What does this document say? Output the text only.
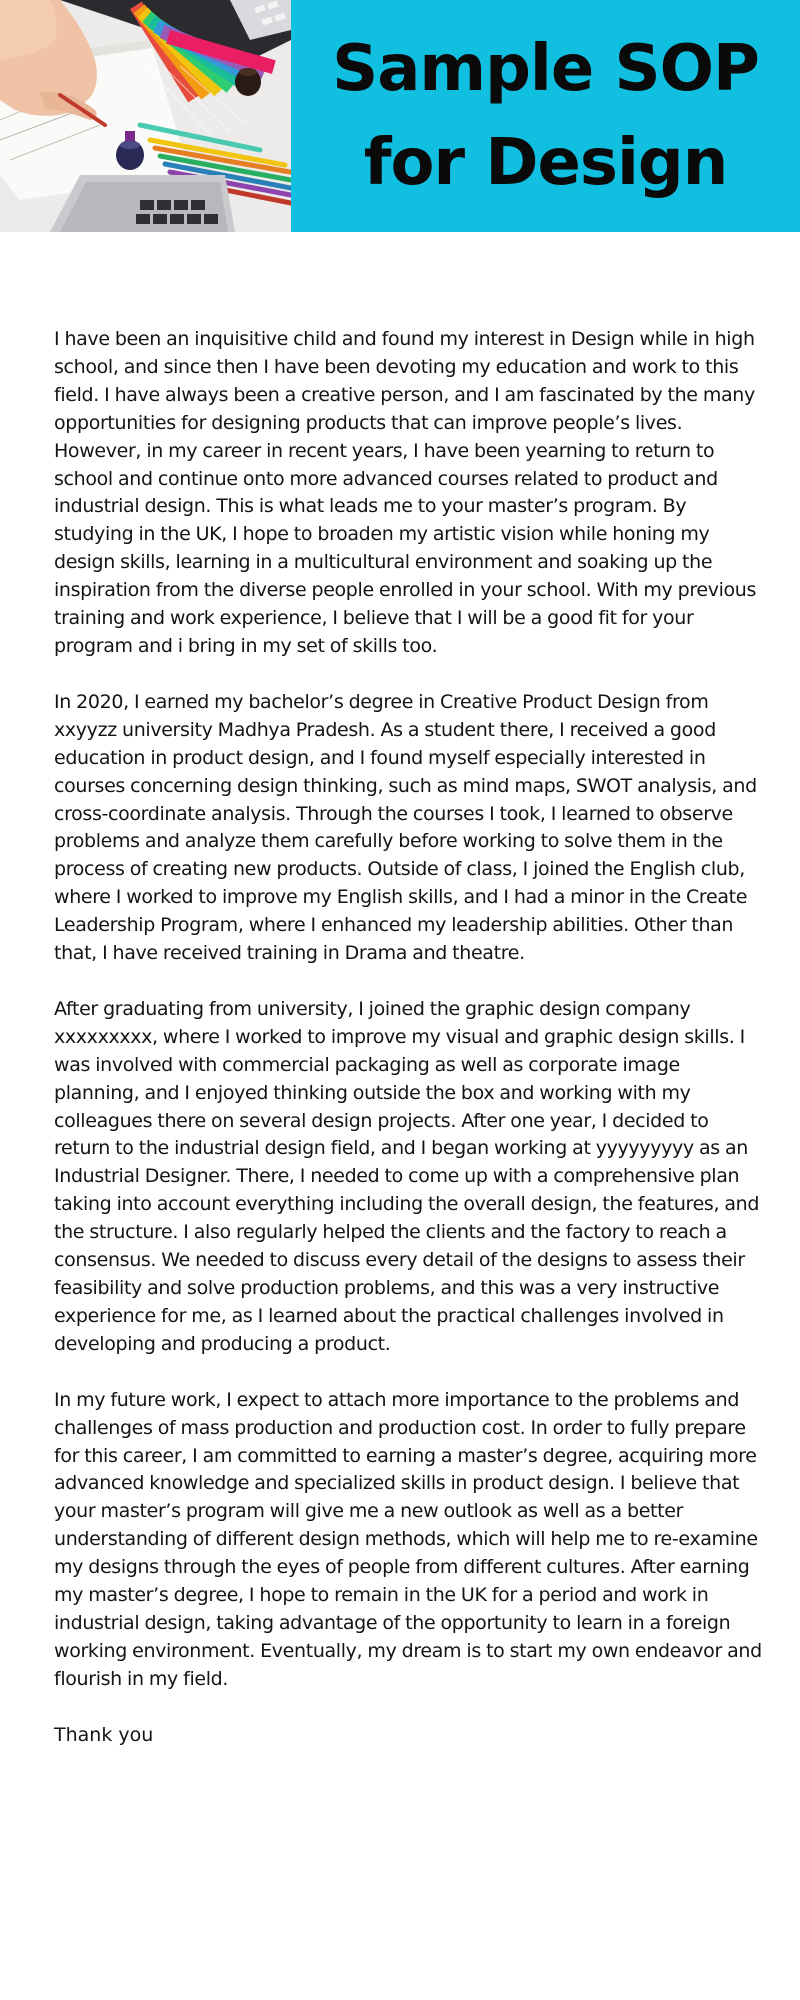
Sample SOP
for Design

I have been an inquisitive child and found my interest in Design while in high school, and since then I have been devoting my education and work to this field. I have always been a creative person, and I am fascinated by the many opportunities for designing products that can improve people’s lives. However, in my career in recent years, I have been yearning to return to school and continue onto more advanced courses related to product and industrial design. This is what leads me to your master’s program. By studying in the UK, I hope to broaden my artistic vision while honing my design skills, learning in a multicultural environment and soaking up the inspiration from the diverse people enrolled in your school. With my previous training and work experience, I believe that I will be a good fit for your program and i bring in my set of skills too.

In 2020, I earned my bachelor’s degree in Creative Product Design from xxyyzz university Madhya Pradesh. As a student there, I received a good education in product design, and I found myself especially interested in courses concerning design thinking, such as mind maps, SWOT analysis, and cross-coordinate analysis. Through the courses I took, I learned to observe problems and analyze them carefully before working to solve them in the process of creating new products. Outside of class, I joined the English club, where I worked to improve my English skills, and I had a minor in the Create Leadership Program, where I enhanced my leadership abilities. Other than that, I have received training in Drama and theatre.

After graduating from university, I joined the graphic design company xxxxxxxxx, where I worked to improve my visual and graphic design skills. I was involved with commercial packaging as well as corporate image planning, and I enjoyed thinking outside the box and working with my colleagues there on several design projects. After one year, I decided to return to the industrial design field, and I began working at yyyyyyyyy as an Industrial Designer. There, I needed to come up with a comprehensive plan taking into account everything including the overall design, the features, and the structure. I also regularly helped the clients and the factory to reach a consensus. We needed to discuss every detail of the designs to assess their feasibility and solve production problems, and this was a very instructive experience for me, as I learned about the practical challenges involved in developing and producing a product.

In my future work, I expect to attach more importance to the problems and challenges of mass production and production cost. In order to fully prepare for this career, I am committed to earning a master’s degree, acquiring more advanced knowledge and specialized skills in product design. I believe that your master’s program will give me a new outlook as well as a better understanding of different design methods, which will help me to re-examine my designs through the eyes of people from different cultures. After earning my master’s degree, I hope to remain in the UK for a period and work in industrial design, taking advantage of the opportunity to learn in a foreign working environment. Eventually, my dream is to start my own endeavor and flourish in my field.

Thank you
